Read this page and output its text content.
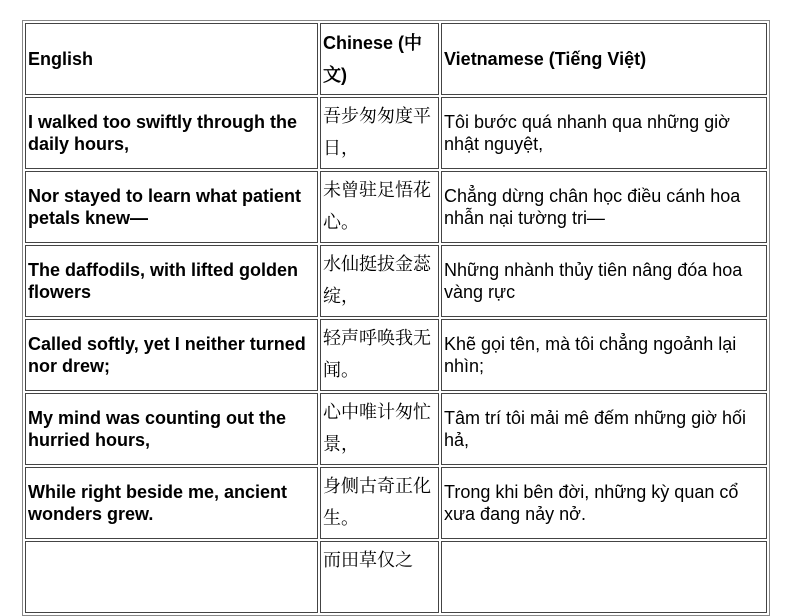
English	Chinese (中文)	Vietnamese (Tiếng Việt)
I walked too swiftly through the daily hours,	吾步匆匆度平日，	Tôi bước quá nhanh qua những giờ nhật nguyệt,
Nor stayed to learn what patient petals knew—	未曾驻足悟花心。	Chẳng dừng chân học điều cánh hoa nhẫn nại tường tri—
The daffodils, with lifted golden flowers	水仙挺拔金蕊绽，	Những nhành thủy tiên nâng đóa hoa vàng rực
Called softly, yet I neither turned nor drew;	轻声呼唤我无闻。	Khẽ gọi tên, mà tôi chẳng ngoảnh lại nhìn;
My mind was counting out the hurried hours,	心中唯计匆忙景，	Tâm trí tôi mải mê đếm những giờ hối hả,
While right beside me, ancient wonders grew.	身侧古奇正化生。	Trong khi bên đời, những kỳ quan cổ xưa đang nảy nở.
	而田草仅之	
